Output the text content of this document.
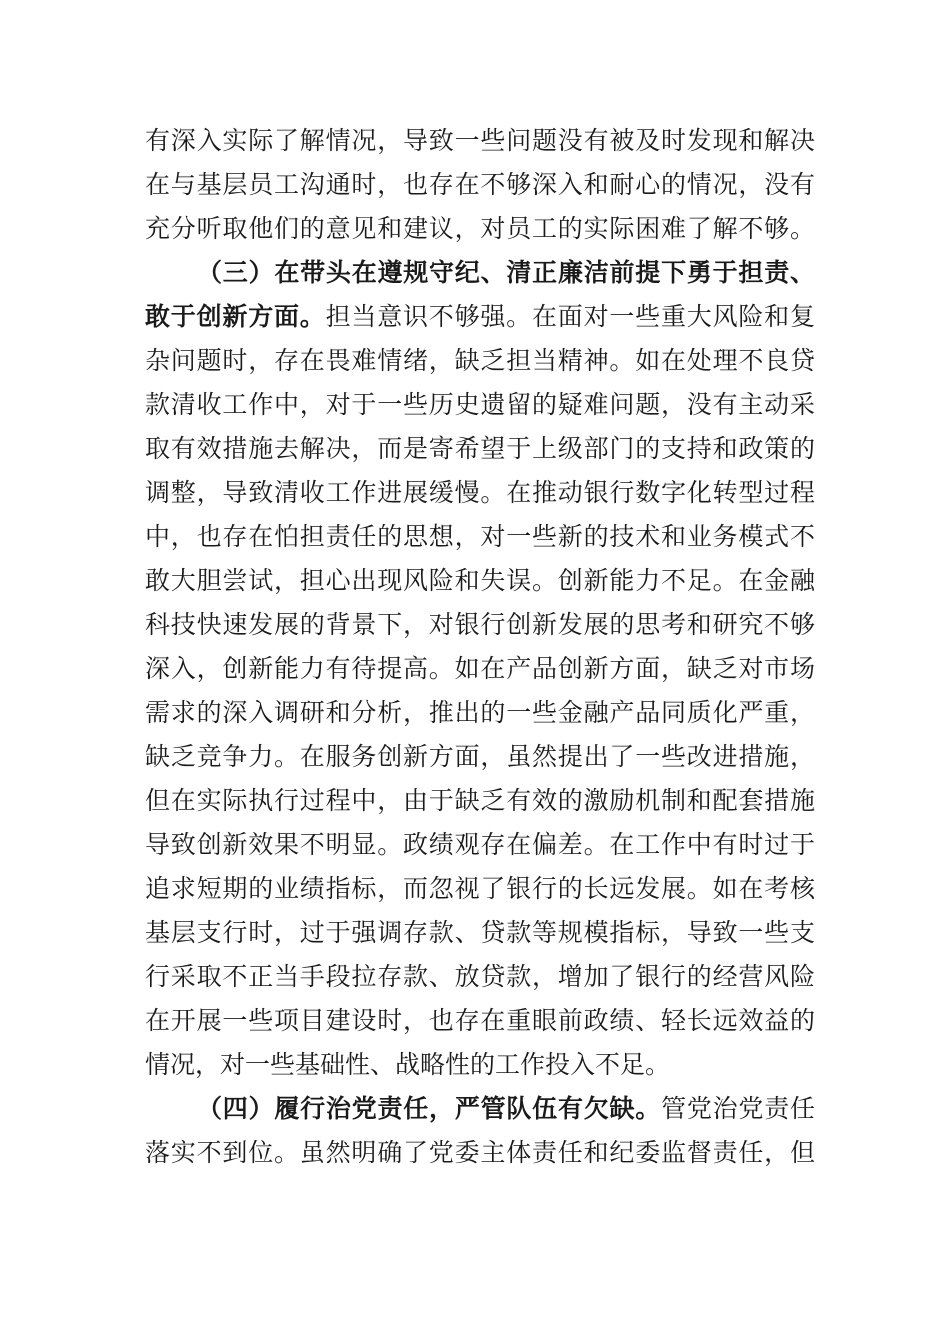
有深入实际了解情况，导致一些问题没有被及时发现和解决
在与基层员工沟通时，也存在不够深入和耐心的情况，没有
充分听取他们的意见和建议，对员工的实际困难了解不够。
（三）在带头在遵规守纪、清正廉洁前提下勇于担责、
敢于创新方面。担当意识不够强。在面对一些重大风险和复
杂问题时，存在畏难情绪，缺乏担当精神。如在处理不良贷
款清收工作中，对于一些历史遗留的疑难问题，没有主动采
取有效措施去解决，而是寄希望于上级部门的支持和政策的
调整，导致清收工作进展缓慢。在推动银行数字化转型过程
中，也存在怕担责任的思想，对一些新的技术和业务模式不
敢大胆尝试，担心出现风险和失误。创新能力不足。在金融
科技快速发展的背景下，对银行创新发展的思考和研究不够
深入，创新能力有待提高。如在产品创新方面，缺乏对市场
需求的深入调研和分析，推出的一些金融产品同质化严重，
缺乏竞争力。在服务创新方面，虽然提出了一些改进措施，
但在实际执行过程中，由于缺乏有效的激励机制和配套措施
导致创新效果不明显。政绩观存在偏差。在工作中有时过于
追求短期的业绩指标，而忽视了银行的长远发展。如在考核
基层支行时，过于强调存款、贷款等规模指标，导致一些支
行采取不正当手段拉存款、放贷款，增加了银行的经营风险
在开展一些项目建设时，也存在重眼前政绩、轻长远效益的
情况，对一些基础性、战略性的工作投入不足。
（四）履行治党责任，严管队伍有欠缺。管党治党责任
落实不到位。虽然明确了党委主体责任和纪委监督责任，但
